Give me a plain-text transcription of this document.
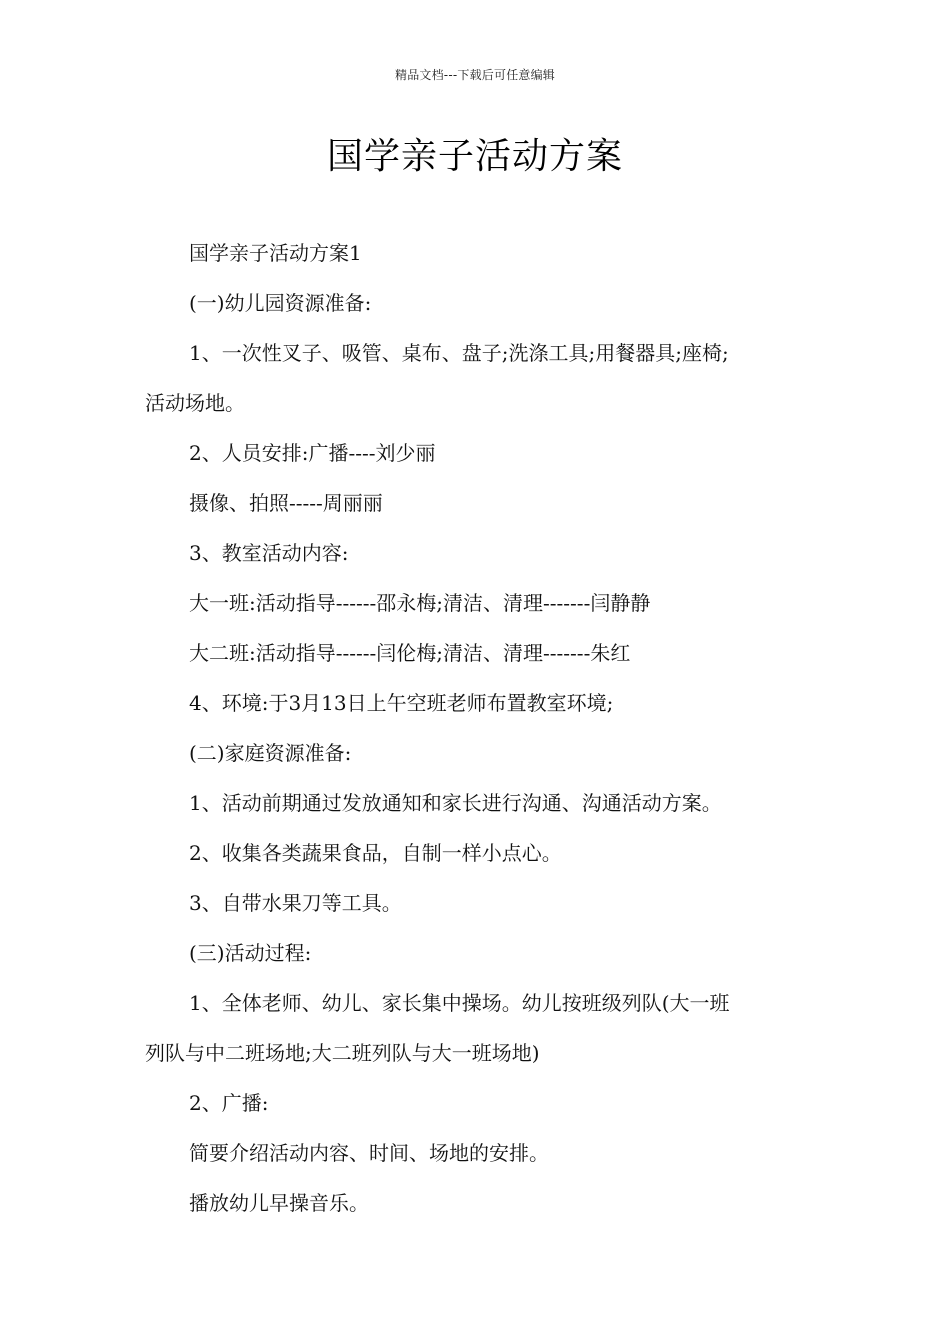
精品文档---下载后可任意编辑
国学亲子活动方案

国学亲子活动方案1

(一)幼儿园资源准备:

1、一次性叉子、吸管、桌布、盘子;洗涤工具;用餐器具;座椅;

活动场地。

2、人员安排:广播----刘少丽

摄像、拍照-----周丽丽

3、教室活动内容:

大一班:活动指导------邵永梅;清洁、清理-------闫静静

大二班:活动指导------闫伦梅;清洁、清理-------朱红

4、环境:于3月13日上午空班老师布置教室环境;

(二)家庭资源准备:

1、活动前期通过发放通知和家长进行沟通、沟通活动方案。

2、收集各类蔬果食品，自制一样小点心。

3、自带水果刀等工具。

(三)活动过程:

1、全体老师、幼儿、家长集中操场。幼儿按班级列队(大一班

列队与中二班场地;大二班列队与大一班场地)

2、广播:

简要介绍活动内容、时间、场地的安排。

播放幼儿早操音乐。
